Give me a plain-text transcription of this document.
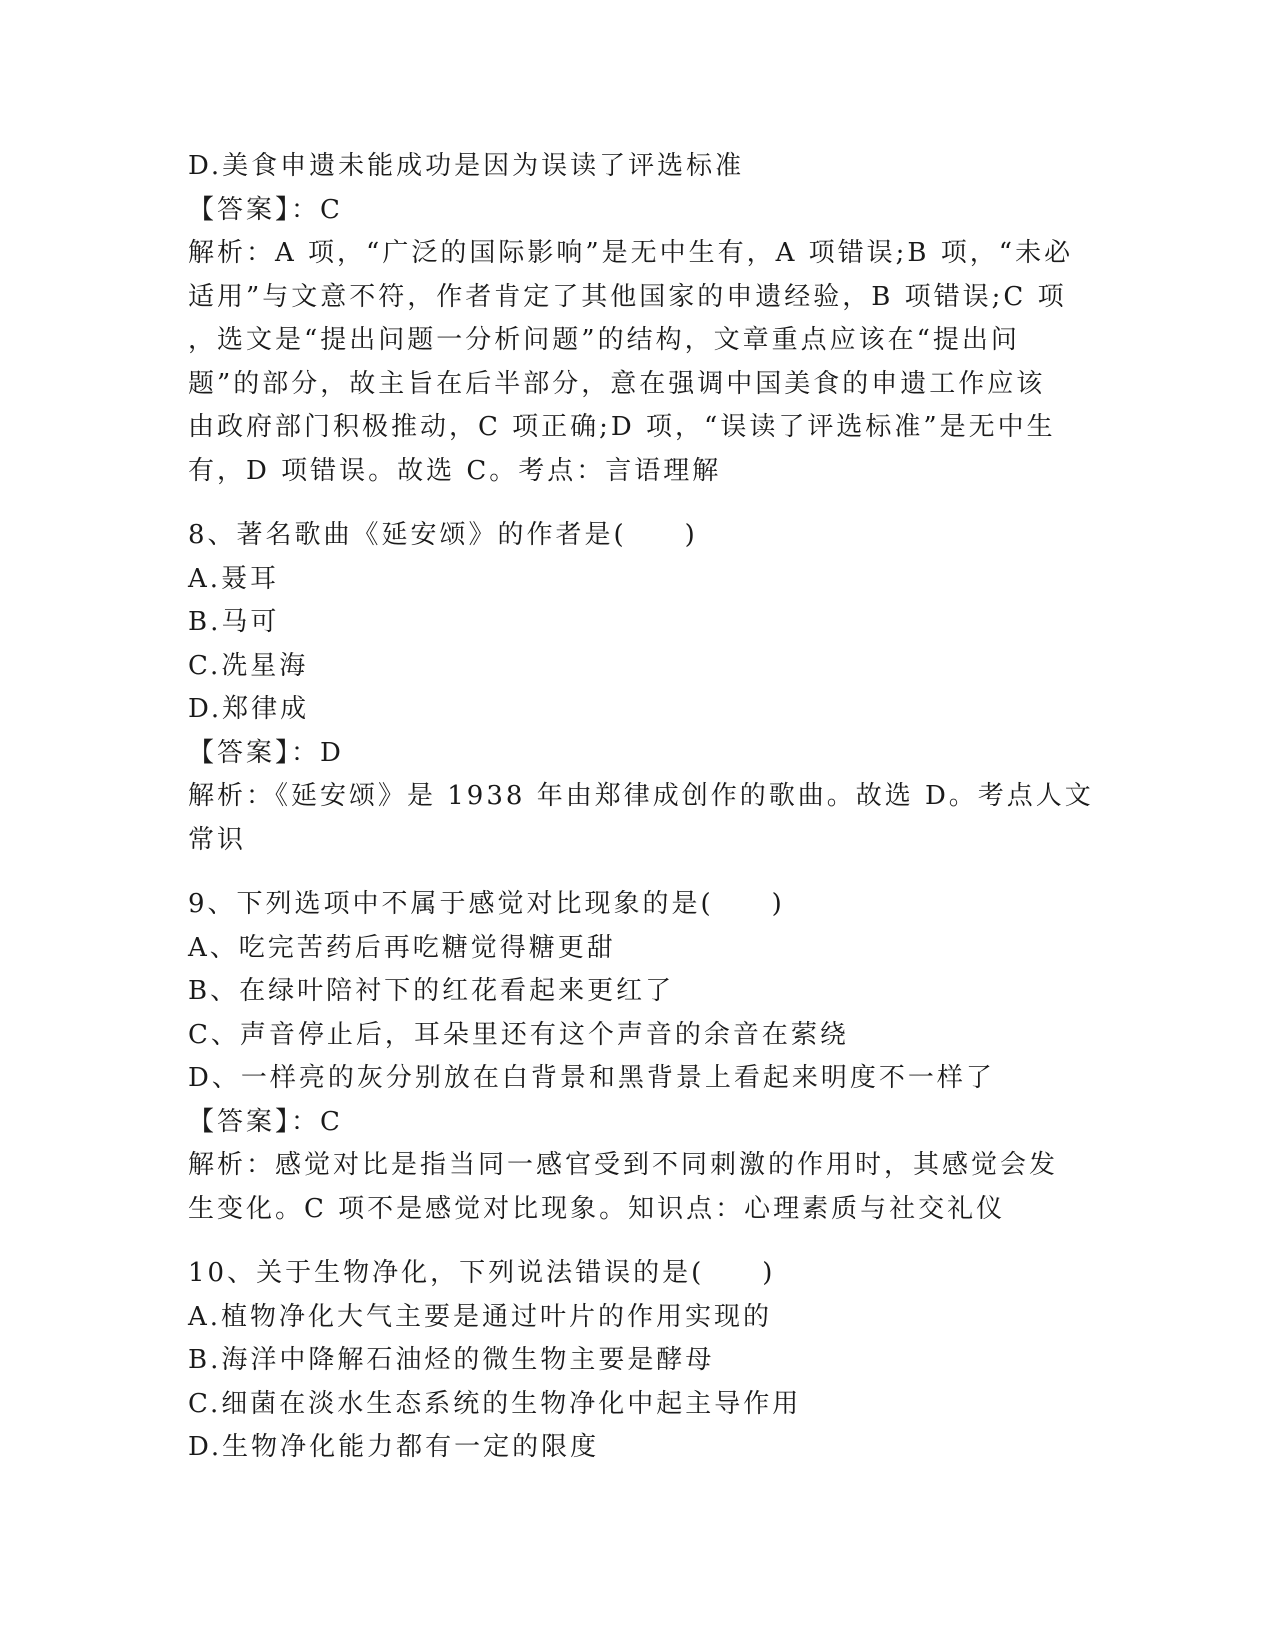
D.美食申遗未能成功是因为误读了评选标准
【答案】：C
解析：A 项，“广泛的国际影响”是无中生有，A 项错误;B 项，“未必
适用”与文意不符，作者肯定了其他国家的申遗经验，B 项错误;C 项
，选文是“提出问题一分析问题”的结构，文章重点应该在“提出问
题”的部分，故主旨在后半部分，意在强调中国美食的申遗工作应该
由政府部门积极推动，C 项正确;D 项，“误读了评选标准”是无中生
有，D 项错误。故选 C。考点：言语理解
8、著名歌曲《延安颂》的作者是(　　)
A.聂耳
B.马可
C.冼星海
D.郑律成
【答案】：D
解析：《延安颂》是 1938 年由郑律成创作的歌曲。故选 D。考点人文
常识
9、下列选项中不属于感觉对比现象的是(　　)
A、吃完苦药后再吃糖觉得糖更甜
B、在绿叶陪衬下的红花看起来更红了
C、声音停止后，耳朵里还有这个声音的余音在萦绕
D、一样亮的灰分别放在白背景和黑背景上看起来明度不一样了
【答案】：C
解析：感觉对比是指当同一感官受到不同刺激的作用时，其感觉会发
生变化。C 项不是感觉对比现象。知识点：心理素质与社交礼仪
10、关于生物净化，下列说法错误的是(　　)
A.植物净化大气主要是通过叶片的作用实现的
B.海洋中降解石油烃的微生物主要是酵母
C.细菌在淡水生态系统的生物净化中起主导作用
D.生物净化能力都有一定的限度
